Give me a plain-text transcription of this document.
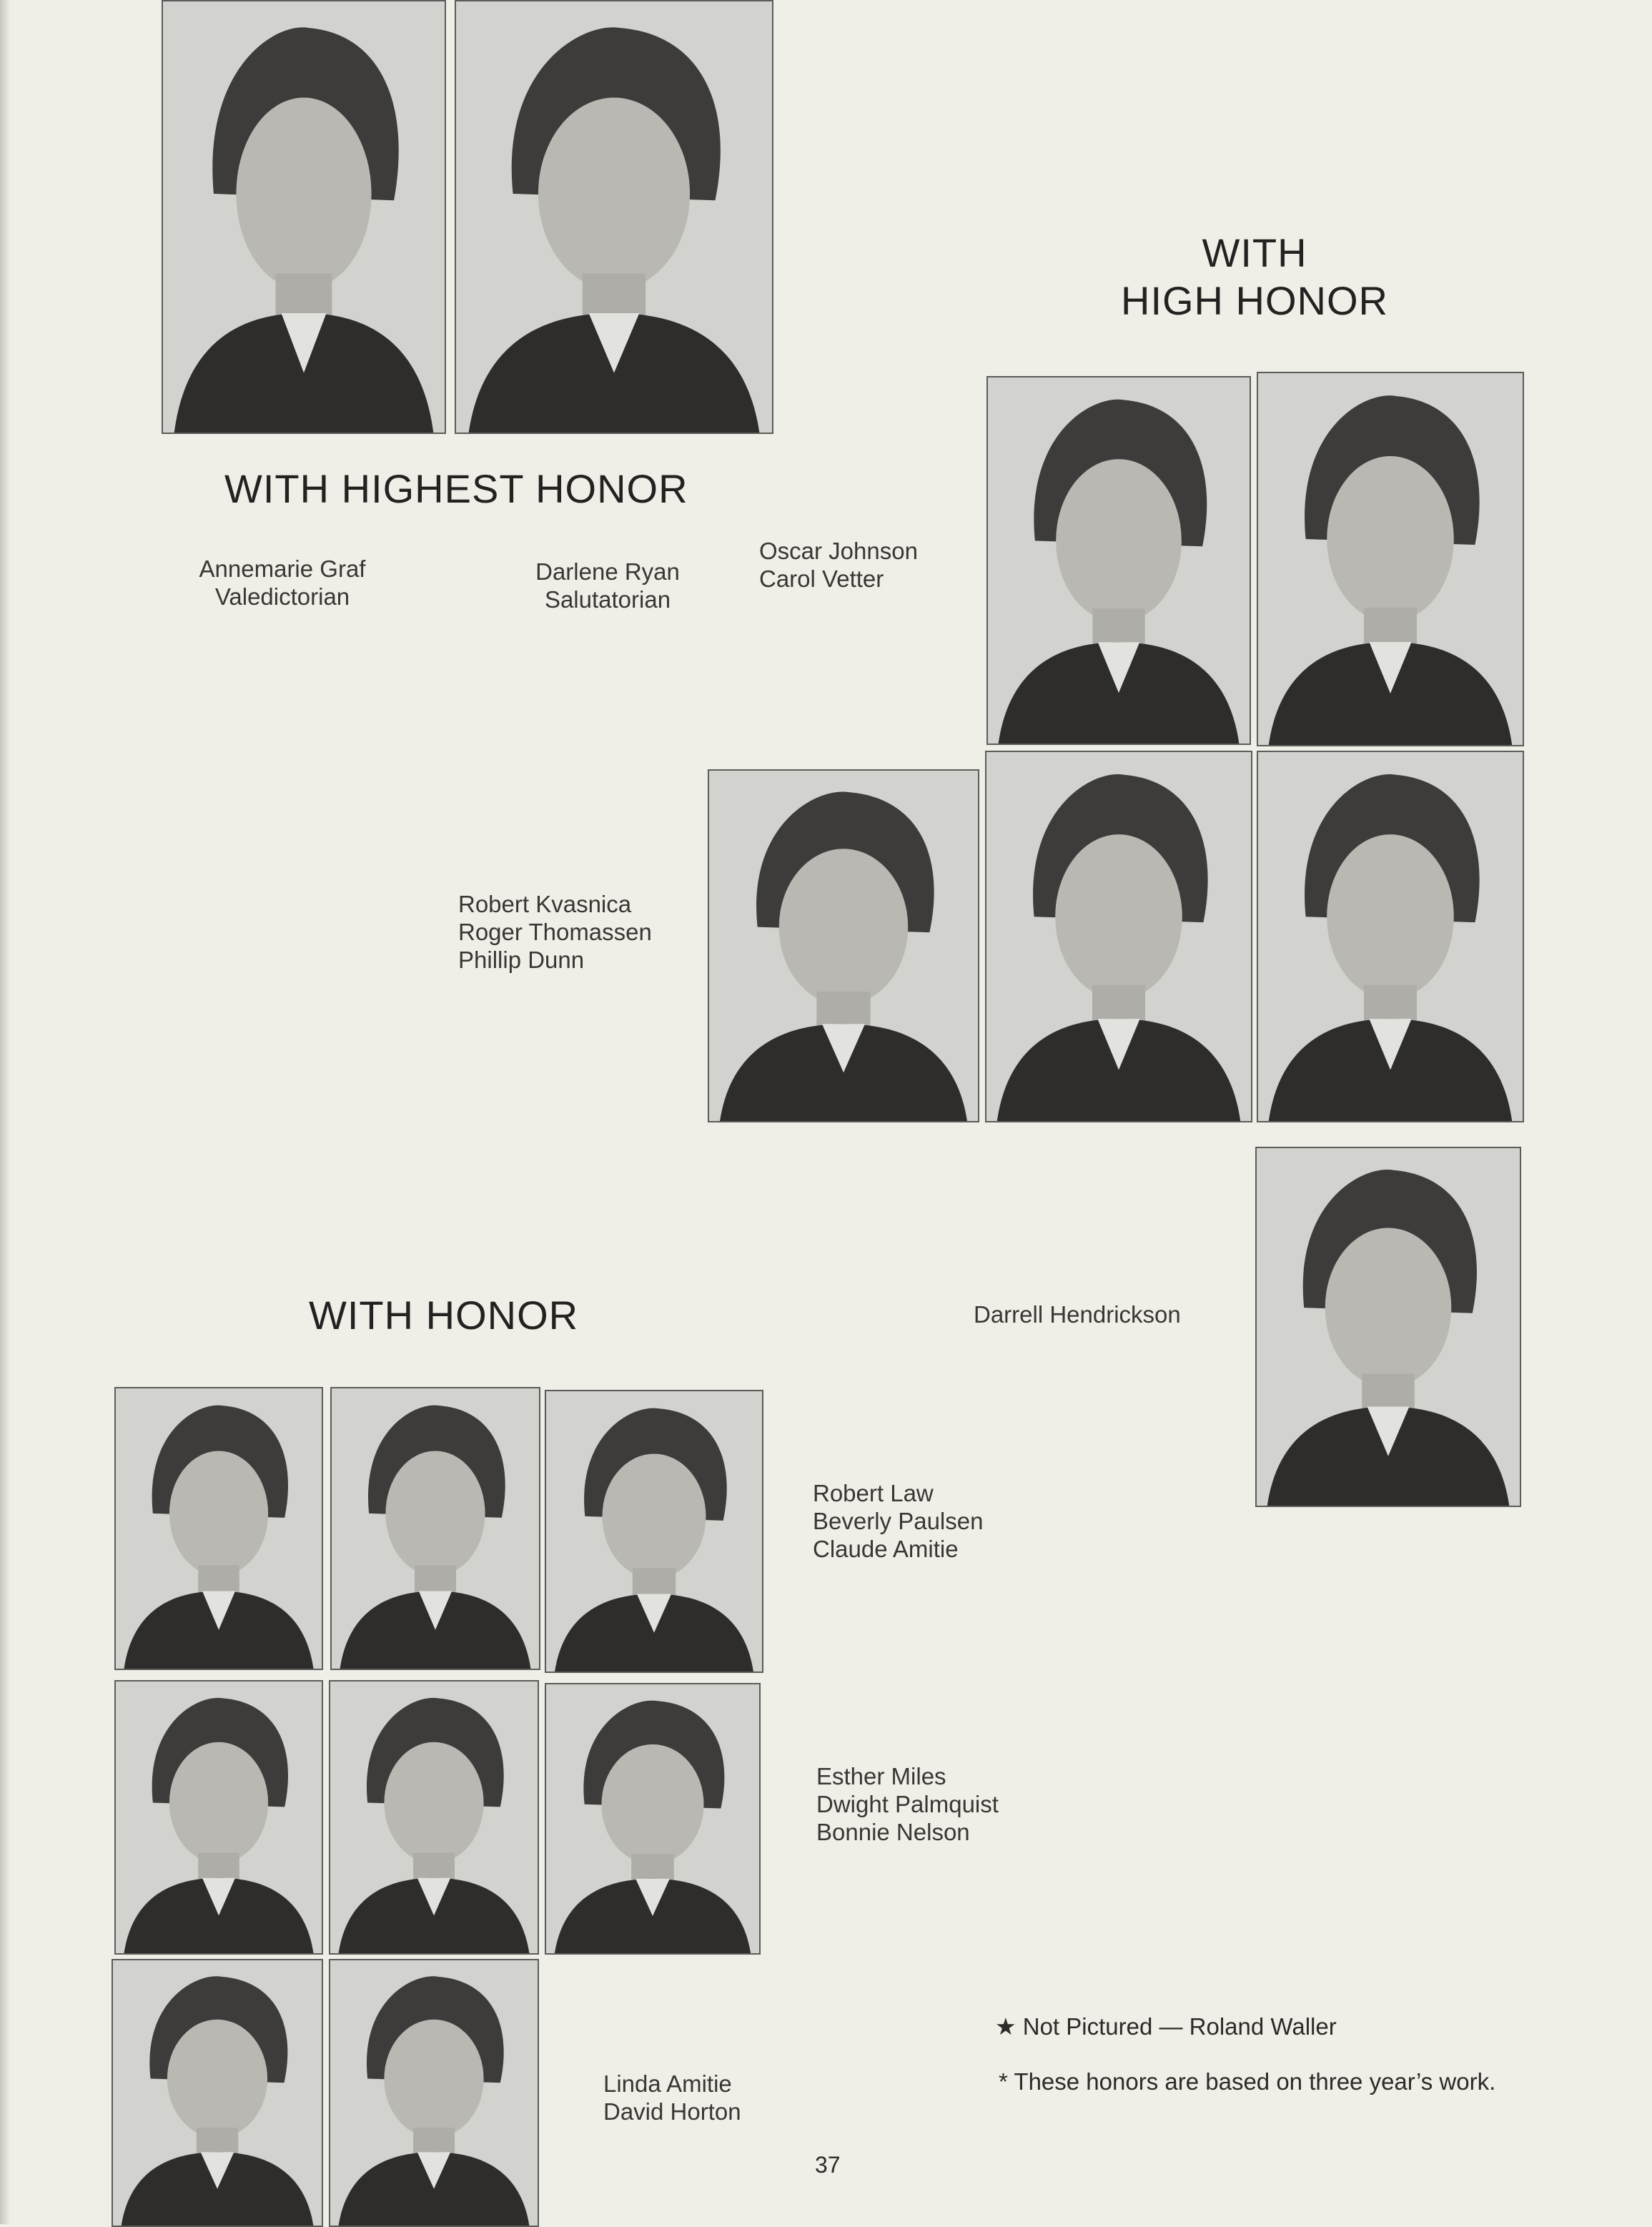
WITH HIGHEST HONOR
Annemarie Graf
Valedictorian
Darlene Ryan
Salutatorian
WITH
HIGH HONOR
Oscar Johnson
Carol Vetter
Robert Kvasnica
Roger Thomassen
Phillip Dunn
Darrell Hendrickson
WITH HONOR
Robert Law
Beverly Paulsen
Claude Amitie
Esther Miles
Dwight Palmquist
Bonnie Nelson
Linda Amitie
David Horton
★ Not Pictured — Roland Waller
* These honors are based on three year’s work.
37
